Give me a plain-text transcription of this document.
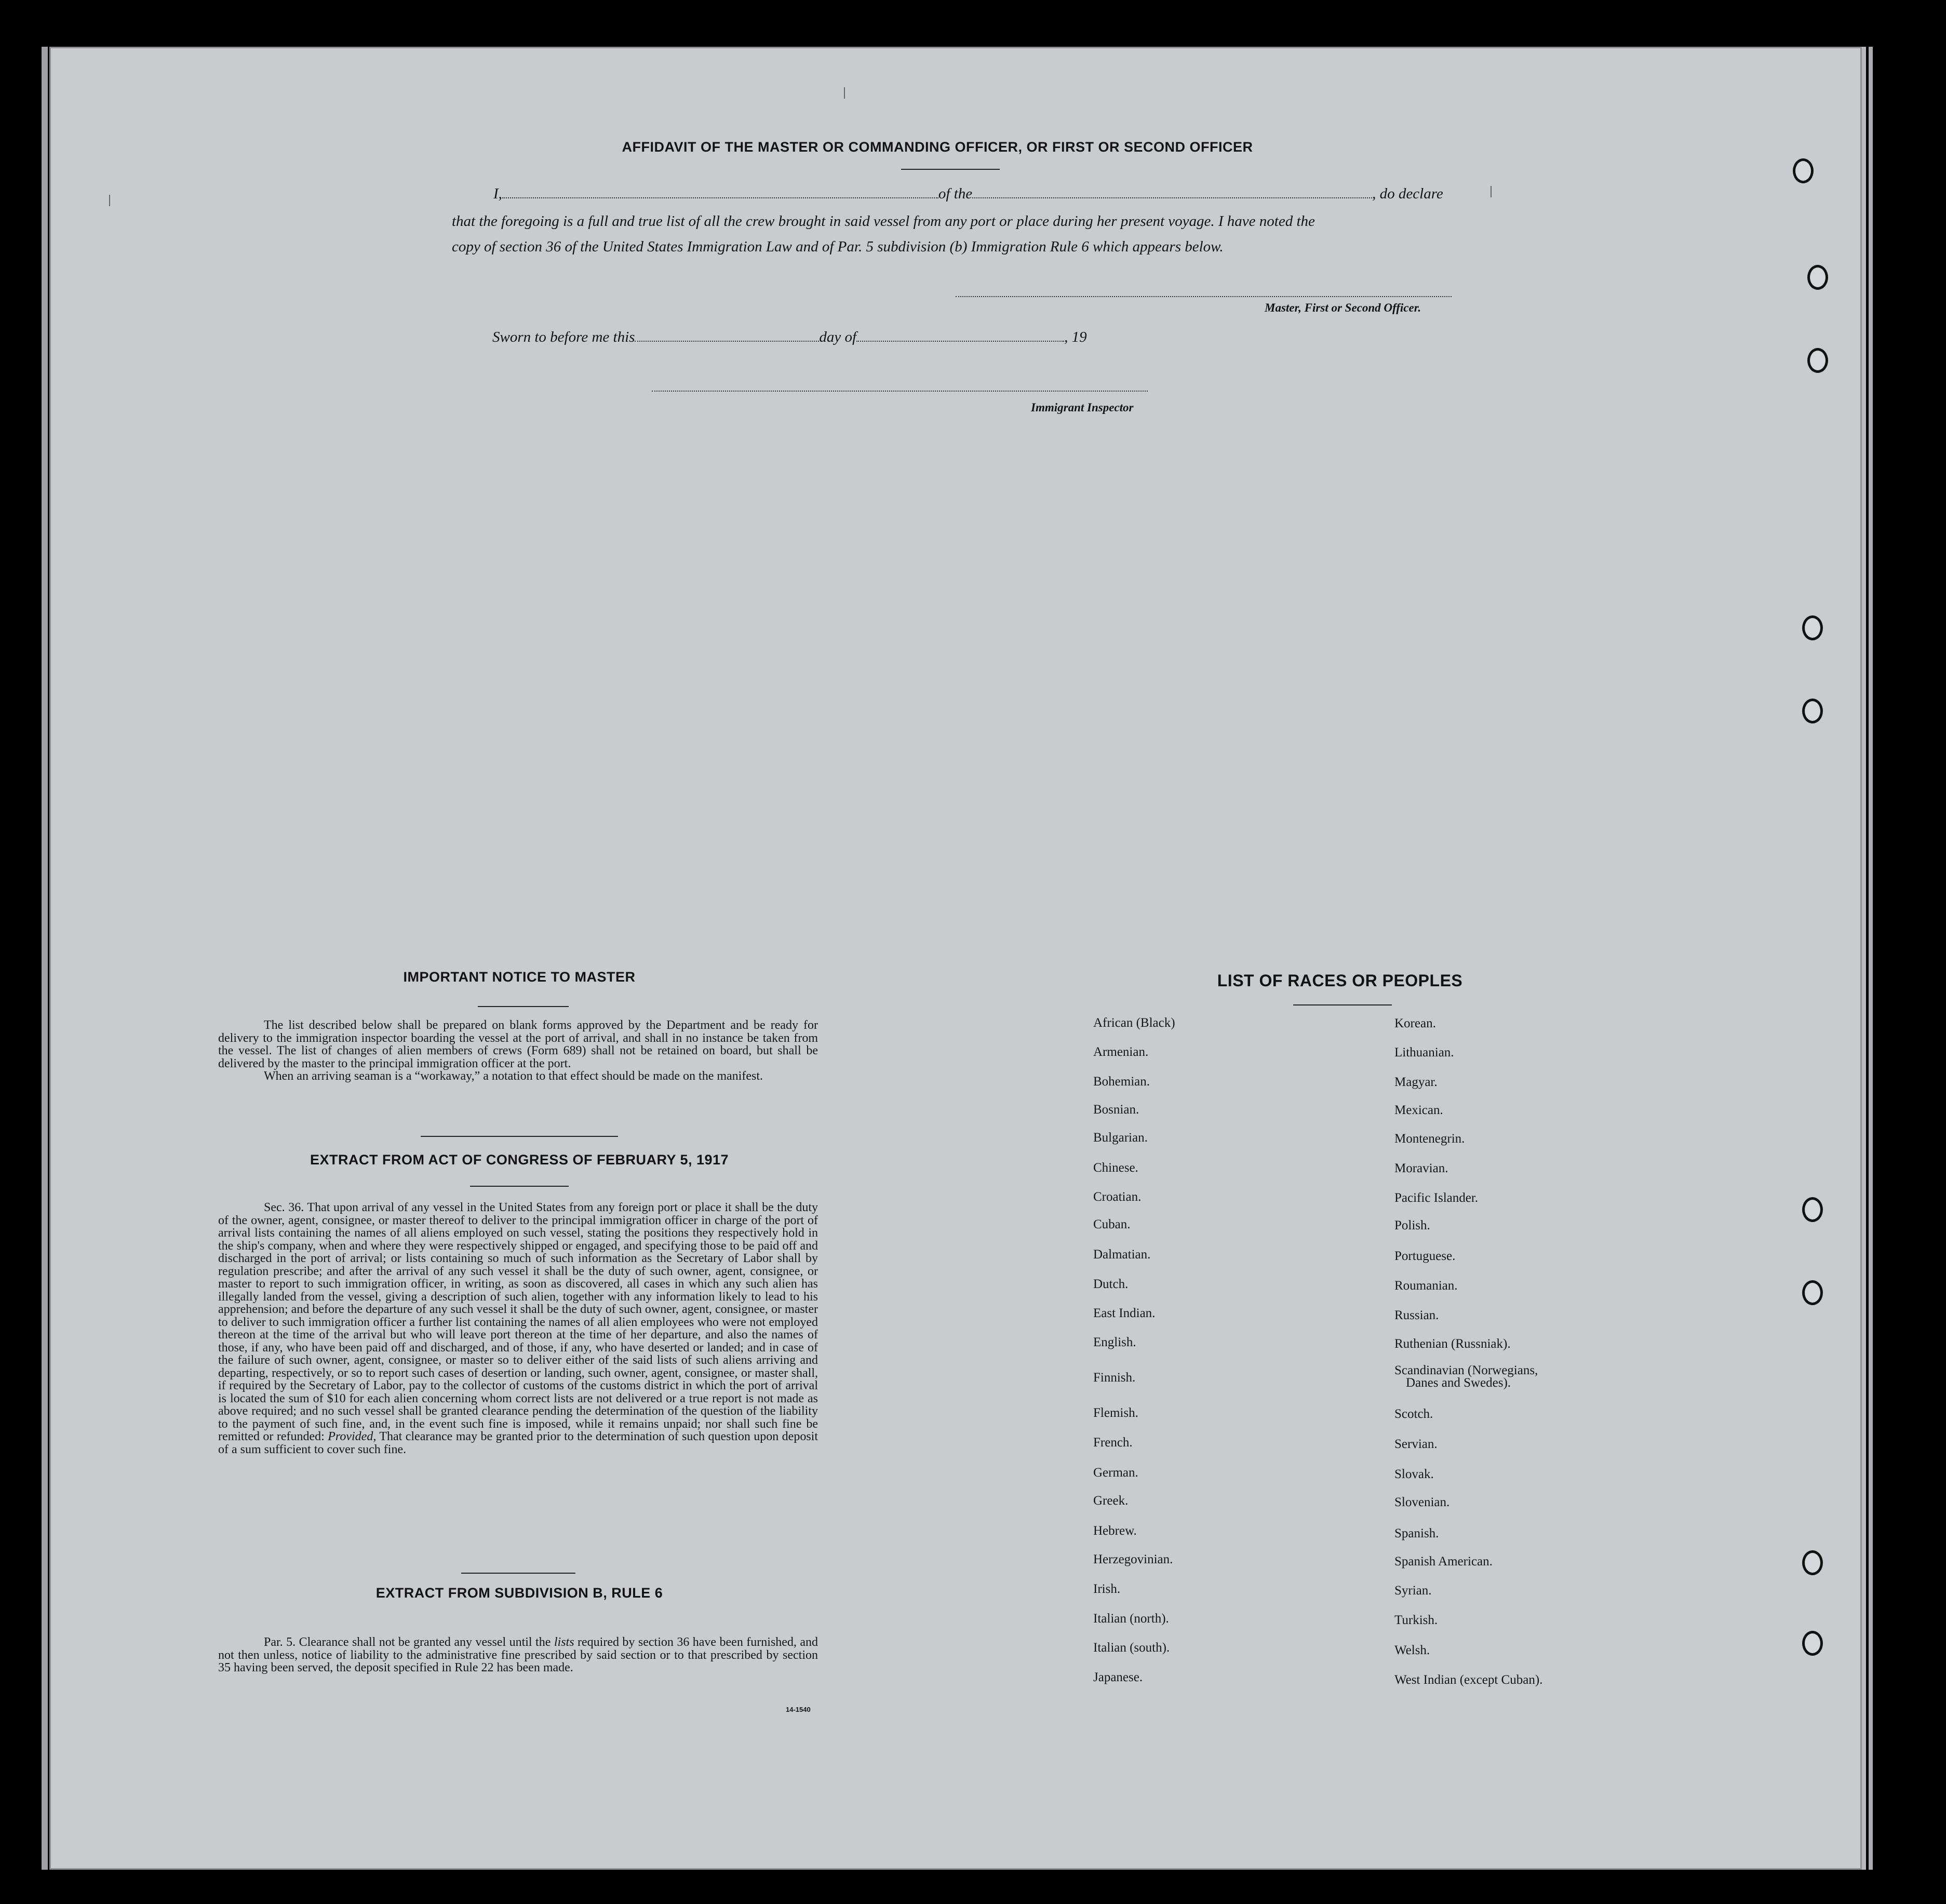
AFFIDAVIT OF THE MASTER OR COMMANDING OFFICER, OR FIRST OR SECOND OFFICER
I,	of the	, do declare
that the foregoing is a full and true list of all the crew brought in said vessel from any port or place during her present voyage. I have noted the
copy of section 36 of the United States Immigration Law and of Par. 5 subdivision (b) Immigration Rule 6 which appears below.
Master, First or Second Officer.
Sworn to before me this	day of	, 19
Immigrant Inspector
IMPORTANT NOTICE TO MASTER

The list described below shall be prepared on blank forms approved by the Department and be ready for delivery to the immigration inspector boarding the vessel at the port of arrival, and shall in no instance be taken from the vessel. The list of changes of alien members of crews (Form 689) shall not be retained on board, but shall be delivered by the master to the principal immigration officer at the port.

When an arriving seaman is a “workaway,” a notation to that effect should be made on the manifest.

EXTRACT FROM ACT OF CONGRESS OF FEBRUARY 5, 1917

Sec. 36. That upon arrival of any vessel in the United States from any foreign port or place it shall be the duty of the owner, agent, consignee, or master thereof to deliver to the principal immigration officer in charge of the port of arrival lists containing the names of all aliens employed on such vessel, stating the positions they respectively hold in the ship's company, when and where they were respectively shipped or engaged, and specifying those to be paid off and discharged in the port of arrival; or lists containing so much of such information as the Secretary of Labor shall by regulation prescribe; and after the arrival of any such vessel it shall be the duty of such owner, agent, consignee, or master to report to such immigration officer, in writing, as soon as discovered, all cases in which any such alien has illegally landed from the vessel, giving a description of such alien, together with any information likely to lead to his apprehension; and before the departure of any such vessel it shall be the duty of such owner, agent, consignee, or master to deliver to such immigration officer a further list containing the names of all alien employees who were not employed thereon at the time of the arrival but who will leave port thereon at the time of her departure, and also the names of those, if any, who have been paid off and discharged, and of those, if any, who have deserted or landed; and in case of the failure of such owner, agent, consignee, or master so to deliver either of the said lists of such aliens arriving and departing, respectively, or so to report such cases of desertion or landing, such owner, agent, consignee, or master shall, if required by the Secretary of Labor, pay to the collector of customs of the customs district in which the port of arrival is located the sum of $10 for each alien concerning whom correct lists are not delivered or a true report is not made as above required; and no such vessel shall be granted clearance pending the determination of the question of the liability to the payment of such fine, and, in the event such fine is imposed, while it remains unpaid; nor shall such fine be remitted or refunded: Provided, That clearance may be granted prior to the determination of such question upon deposit of a sum sufficient to cover such fine.

EXTRACT FROM SUBDIVISION B, RULE 6

Par. 5. Clearance shall not be granted any vessel until the lists required by section 36 have been furnished, and not then unless, notice of liability to the administrative fine prescribed by said section or to that prescribed by section 35 having been served, the deposit specified in Rule 22 has been made.

14-1540
LIST OF RACES OR PEOPLES
African (Black)
Armenian.
Bohemian.
Bosnian.
Bulgarian.
Chinese.
Croatian.
Cuban.
Dalmatian.
Dutch.
East Indian.
English.
Finnish.
Flemish.
French.
German.
Greek.
Hebrew.
Herzegovinian.
Irish.
Italian (north).
Italian (south).
Japanese.
Korean.
Lithuanian.
Magyar.
Mexican.
Montenegrin.
Moravian.
Pacific Islander.
Polish.
Portuguese.
Roumanian.
Russian.
Ruthenian (Russniak).
Scandinavian (Norwegians,
Danes and Swedes).
Scotch.
Servian.
Slovak.
Slovenian.
Spanish.
Spanish American.
Syrian.
Turkish.
Welsh.
West Indian (except Cuban).
